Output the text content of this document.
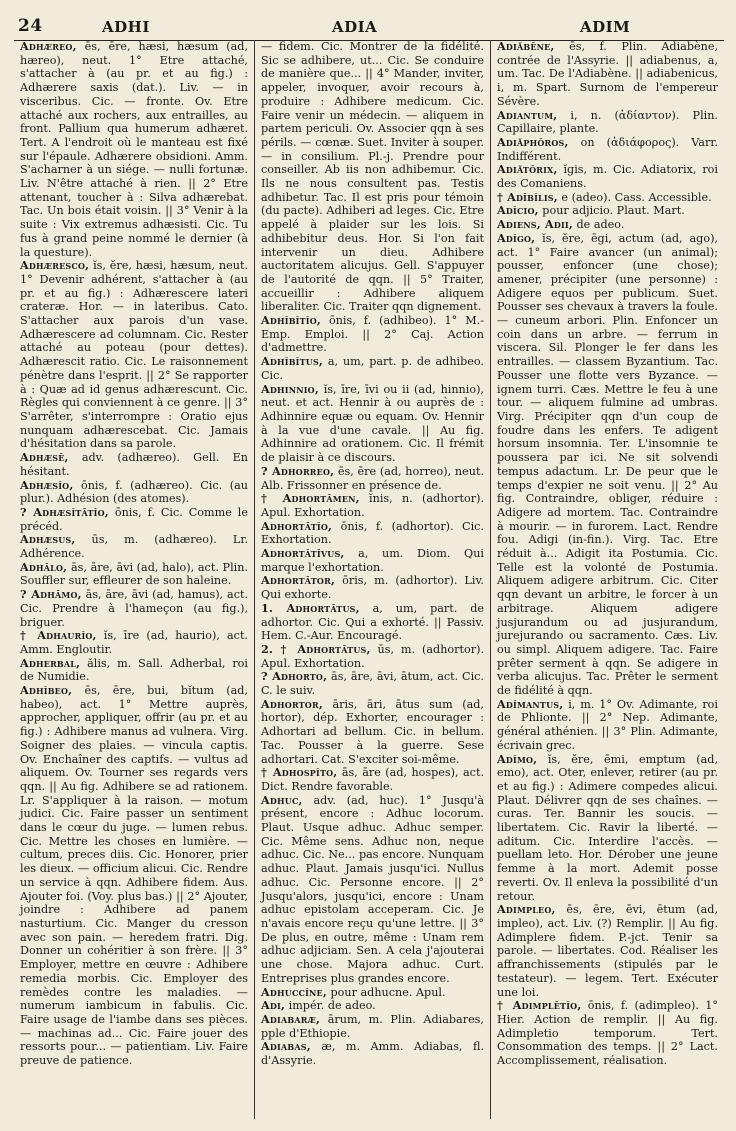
24	ADHI	ADIA	ADIM
Adhæreo, ēs, ēre, hæsi, hæsum (ad, hæreo), neut. 1° Etre attaché, s'attacher à (au pr. et au fig.) : Adhærere saxis (dat.). Liv. — in visceribus. Cic. — fronte. Ov. Etre attaché aux rochers, aux entrailles, au front. Pallium qua humerum adhæret. Tert. A l'endroit où le manteau est fixé sur l'épaule. Adhærere obsidioni. Amm. S'acharner à un siége. — nulli fortunæ. Liv. N'être attaché à rien. || 2° Etre attenant, toucher à : Silva adhærebat. Tac. Un bois était voisin. || 3° Venir à la suite : Vix extremus adhæsisti. Cic. Tu fus à grand peine nommé le dernier (à la questure).
Adhæresco, ĭs, ĕre, hæsi, hæsum, neut. 1° Devenir adhérent, s'attacher à (au pr. et au fig.) : Adhærescere lateri crateræ. Hor. — in lateribus. Cato. S'attacher aux parois d'un vase. Adhærescere ad columnam. Cic. Rester attaché au poteau (pour dettes). Adhærescit ratio. Cic. Le raisonnement pénètre dans l'esprit. || 2° Se rapporter à : Quæ ad id genus adhærescunt. Cic. Règles qui conviennent à ce genre. || 3° S'arrêter, s'interrompre : Oratio ejus nunquam adhærescebat. Cic. Jamais d'hésitation dans sa parole.
Adhæsē, adv. (adhæreo). Gell. En hésitant.
Adhæsĭo, ōnis, f. (adhæreo). Cic. (au plur.). Adhésion (des atomes).
? Adhæsĭtātĭo, ōnis, f. Cic. Comme le précéd.
Adhæsus, ūs, m. (adhæreo). Lr. Adhérence.
Adhālo, ās, āre, āvi (ad, halo), act. Plin. Souffler sur, effleurer de son haleine.
? Adhāmo, ās, āre, āvi (ad, hamus), act. Cic. Prendre à l'hameçon (au fig.), briguer.
† Adhaurĭo, ĭs, īre (ad, haurio), act. Amm. Engloutir.
Adherbal, ălis, m. Sall. Adherbal, roi de Numidie.
Adhĭbeo, ēs, ēre, bui, bĭtum (ad, habeo), act. 1° Mettre auprès, approcher, appliquer, offrir (au pr. et au fig.) : Adhibere manus ad vulnera. Virg. Soigner des plaies. — vincula captis. Ov. Enchaîner des captifs. — vultus ad aliquem. Ov. Tourner ses regards vers qqn. || Au fig. Adhibere se ad rationem. Lr. S'appliquer à la raison. — motum judici. Cic. Faire passer un sentiment dans le cœur du juge. — lumen rebus. Cic. Mettre les choses en lumière. — cultum, preces diis. Cic. Honorer, prier les dieux. — officium alicui. Cic. Rendre un service à qqn. Adhibere fidem. Aus. Ajouter foi. (Voy. plus bas.) || 2° Ajouter, joindre : Adhibere ad panem nasturtium. Cic. Manger du cresson avec son pain. — heredem fratri. Dig. Donner un cohéritier à son frère. || 3° Employer, mettre en œuvre : Adhibere remedia morbis. Cic. Employer des remèdes contre les maladies. — numerum iambicum in fabulis. Cic. Faire usage de l'iambe dans ses pièces. — machinas ad... Cic. Faire jouer des ressorts pour... — patientiam. Liv. Faire preuve de patience.
— fidem. Cic. Montrer de la fidélité. Sic se adhibere, ut... Cic. Se conduire de manière que... || 4° Mander, inviter, appeler, invoquer, avoir recours à, produire : Adhibere medicum. Cic. Faire venir un médecin. — aliquem in partem periculi. Ov. Associer qqn à ses périls. — cœnæ. Suet. Inviter à souper. — in consilium. Pl.-j. Prendre pour conseiller. Ab iis non adhibemur. Cic. Ils ne nous consultent pas. Testis adhibetur. Tac. Il est pris pour témoin (du pacte). Adhiberi ad leges. Cic. Etre appelé à plaider sur les lois. Si adhibebitur deus. Hor. Si l'on fait intervenir un dieu. Adhibere auctoritatem alicujus. Gell. S'appuyer de l'autorité de qqn. || 5° Traiter, accueillir : Adhibere aliquem liberaliter. Cic. Traiter qqn dignement.
Adhĭbĭtĭo, ōnis, f. (adhibeo). 1° M.-Emp. Emploi. || 2° Caj. Action d'admettre.
Adhĭbĭtus, a, um, part. p. de adhibeo. Cic.
Adhinnio, ĭs, īre, īvi ou ii (ad, hinnio), neut. et act. Hennir à ou auprès de : Adhinnire equæ ou equam. Ov. Hennir à la vue d'une cavale. || Au fig. Adhinnire ad orationem. Cic. Il frémit de plaisir à ce discours.
? Adhorreo, ēs, ēre (ad, horreo), neut. Alb. Frissonner en présence de.
† Adhortāmen, ĭnis, n. (adhortor). Apul. Exhortation.
Adhortātĭo, ōnis, f. (adhortor). Cic. Exhortation.
Adhortātīvus, a, um. Diom. Qui marque l'exhortation.
Adhortātor, ōris, m. (adhortor). Liv. Qui exhorte.
1. Adhortātus, a, um, part. de adhortor. Cic. Qui a exhorté. || Passiv. Hem. C.-Aur. Encouragé.
2. † Adhortātus, ūs, m. (adhortor). Apul. Exhortation.
? Adhorto, ās, āre, āvi, ātum, act. Cic. C. le suiv.
Adhortor, āris, āri, ātus sum (ad, hortor), dép. Exhorter, encourager : Adhortari ad bellum. Cic. in bellum. Tac. Pousser à la guerre. Sese adhortari. Cat. S'exciter soi-même.
† Adhospĭto, ās, āre (ad, hospes), act. Dict. Rendre favorable.
Adhuc, adv. (ad, huc). 1° Jusqu'à présent, encore : Adhuc locorum. Plaut. Usque adhuc. Adhuc semper. Cic. Même sens. Adhuc non, neque adhuc. Cic. Ne... pas encore. Nunquam adhuc. Plaut. Jamais jusqu'ici. Nullus adhuc. Cic. Personne encore. || 2° Jusqu'alors, jusqu'ici, encore : Unam adhuc epistolam acceperam. Cic. Je n'avais encore reçu qu'une lettre. || 3° De plus, en outre, même : Unam rem adhuc adjiciam. Sen. A cela j'ajouterai une chose. Majora adhuc. Curt. Entreprises plus grandes encore.
Adhuccĭne, pour adhucne. Apul.
Adi, impér. de adeo.
Adiabaræ, ārum, m. Plin. Adiabares, pple d'Ethiopie.
Adiabas, æ, m. Amm. Adiabas, fl. d'Assyrie.
Adiăbēne, ēs, f. Plin. Adiabène, contrée de l'Assyrie. || adiabenus, a, um. Tac. De l'Adiabène. || adiabenicus, i, m. Spart. Surnom de l'empereur Sévère.
Adiantum, i, n. (ἀδίαντον). Plin. Capillaire, plante.
Adiăphŏros, on (ἀδιάφορος). Varr. Indifférent.
Adiătŏrix, ĭgis, m. Cic. Adiatorix, roi des Comaniens.
† Adībĭlis, e (adeo). Cass. Accessible.
Adĭcio, pour adjicio. Plaut. Mart.
Adiens, Adii, de adeo.
Adĭgo, ĭs, ĕre, ēgi, actum (ad, ago), act. 1° Faire avancer (un animal); pousser, enfoncer (une chose); amener, précipiter (une personne) : Adigere equos per publicum. Suet. Pousser ses chevaux à travers la foule. — cuneum arbori. Plin. Enfoncer un coin dans un arbre. — ferrum in viscera. Sil. Plonger le fer dans les entrailles. — classem Byzantium. Tac. Pousser une flotte vers Byzance. — ignem turri. Cæs. Mettre le feu à une tour. — aliquem fulmine ad umbras. Virg. Précipiter qqn d'un coup de foudre dans les enfers. Te adigent horsum insomnia. Ter. L'insomnie te poussera par ici. Ne sit solvendi tempus adactum. Lr. De peur que le temps d'expier ne soit venu. || 2° Au fig. Contraindre, obliger, réduire : Adigere ad mortem. Tac. Contraindre à mourir. — in furorem. Lact. Rendre fou. Adigi (in-fin.). Virg. Tac. Etre réduit à... Adigit ita Postumia. Cic. Telle est la volonté de Postumia. Aliquem adigere arbitrum. Cic. Citer qqn devant un arbitre, le forcer à un arbitrage. Aliquem adigere jusjurandum ou ad jusjurandum, jurejurando ou sacramento. Cæs. Liv. ou simpl. Aliquem adigere. Tac. Faire prêter serment à qqn. Se adigere in verba alicujus. Tac. Prêter le serment de fidélité à qqn.
Adĭmantus, i, m. 1° Ov. Adimante, roi de Phlionte. || 2° Nep. Adimante, général athénien. || 3° Plin. Adimante, écrivain grec.
Adĭmo, ĭs, ĕre, ēmi, emptum (ad, emo), act. Oter, enlever, retirer (au pr. et au fig.) : Adimere compedes alicui. Plaut. Délivrer qqn de ses chaînes. — curas. Ter. Bannir les soucis. — libertatem. Cic. Ravir la liberté. — aditum. Cic. Interdire l'accès. — puellam leto. Hor. Dérober une jeune femme à la mort. Ademit posse reverti. Ov. Il enleva la possibilité d'un retour.
Adimpleo, ēs, ēre, ēvi, ētum (ad, impleo), act. Liv. (?) Remplir. || Au fig. Adimplere fidem. P.-jct. Tenir sa parole. — libertates. Cod. Réaliser les affranchissements (stipulés par le testateur). — legem. Tert. Exécuter une loi.
† Adimplētĭo, ōnis, f. (adimpleo). 1° Hier. Action de remplir. || Au fig. Adimpletio temporum. Tert. Consommation des temps. || 2° Lact. Accomplissement, réalisation.
